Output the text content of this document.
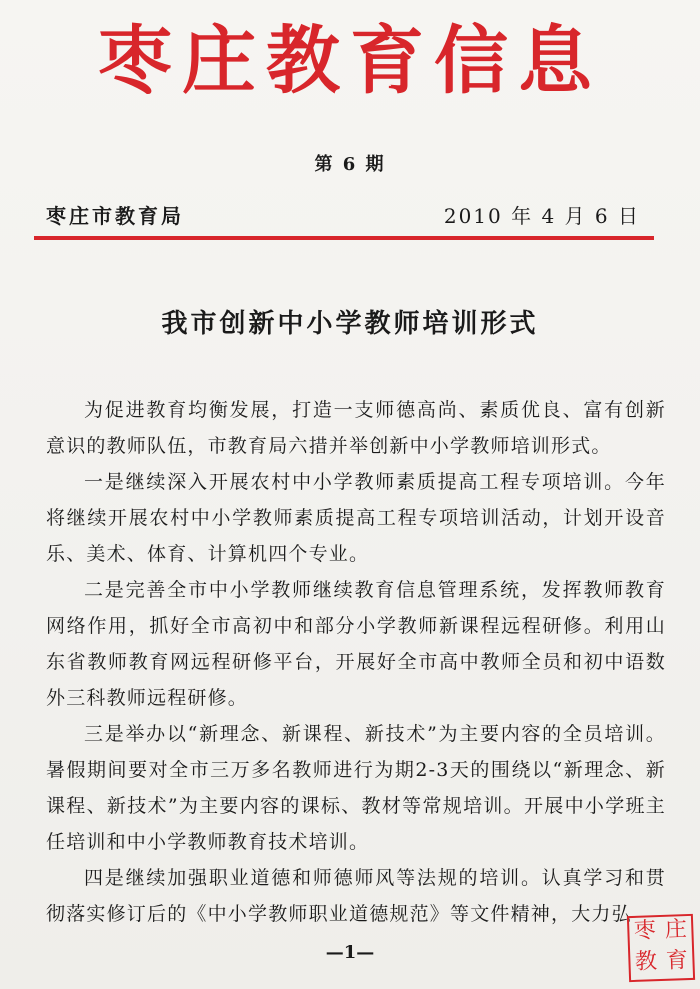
枣庄教育信息
第 6 期
枣庄市教育局	2010 年 4 月 6 日
我市创新中小学教师培训形式

为促进教育均衡发展，打造一支师德高尚、素质优良、富有创新意识的教师队伍，市教育局六措并举创新中小学教师培训形式。

一是继续深入开展农村中小学教师素质提高工程专项培训。今年将继续开展农村中小学教师素质提高工程专项培训活动，计划开设音乐、美术、体育、计算机四个专业。

二是完善全市中小学教师继续教育信息管理系统，发挥教师教育网络作用，抓好全市高初中和部分小学教师新课程远程研修。利用山东省教师教育网远程研修平台，开展好全市高中教师全员和初中语数外三科教师远程研修。

三是举办以“新理念、新课程、新技术”为主要内容的全员培训。暑假期间要对全市三万多名教师进行为期2-3天的围绕以“新理念、新课程、新技术”为主要内容的课标、教材等常规培训。开展中小学班主任培训和中小学教师教育技术培训。

四是继续加强职业道德和师德师风等法规的培训。认真学习和贯彻落实修订后的《中小学教师职业道德规范》等文件精神，大力弘

—1—
枣 庄
教 育
